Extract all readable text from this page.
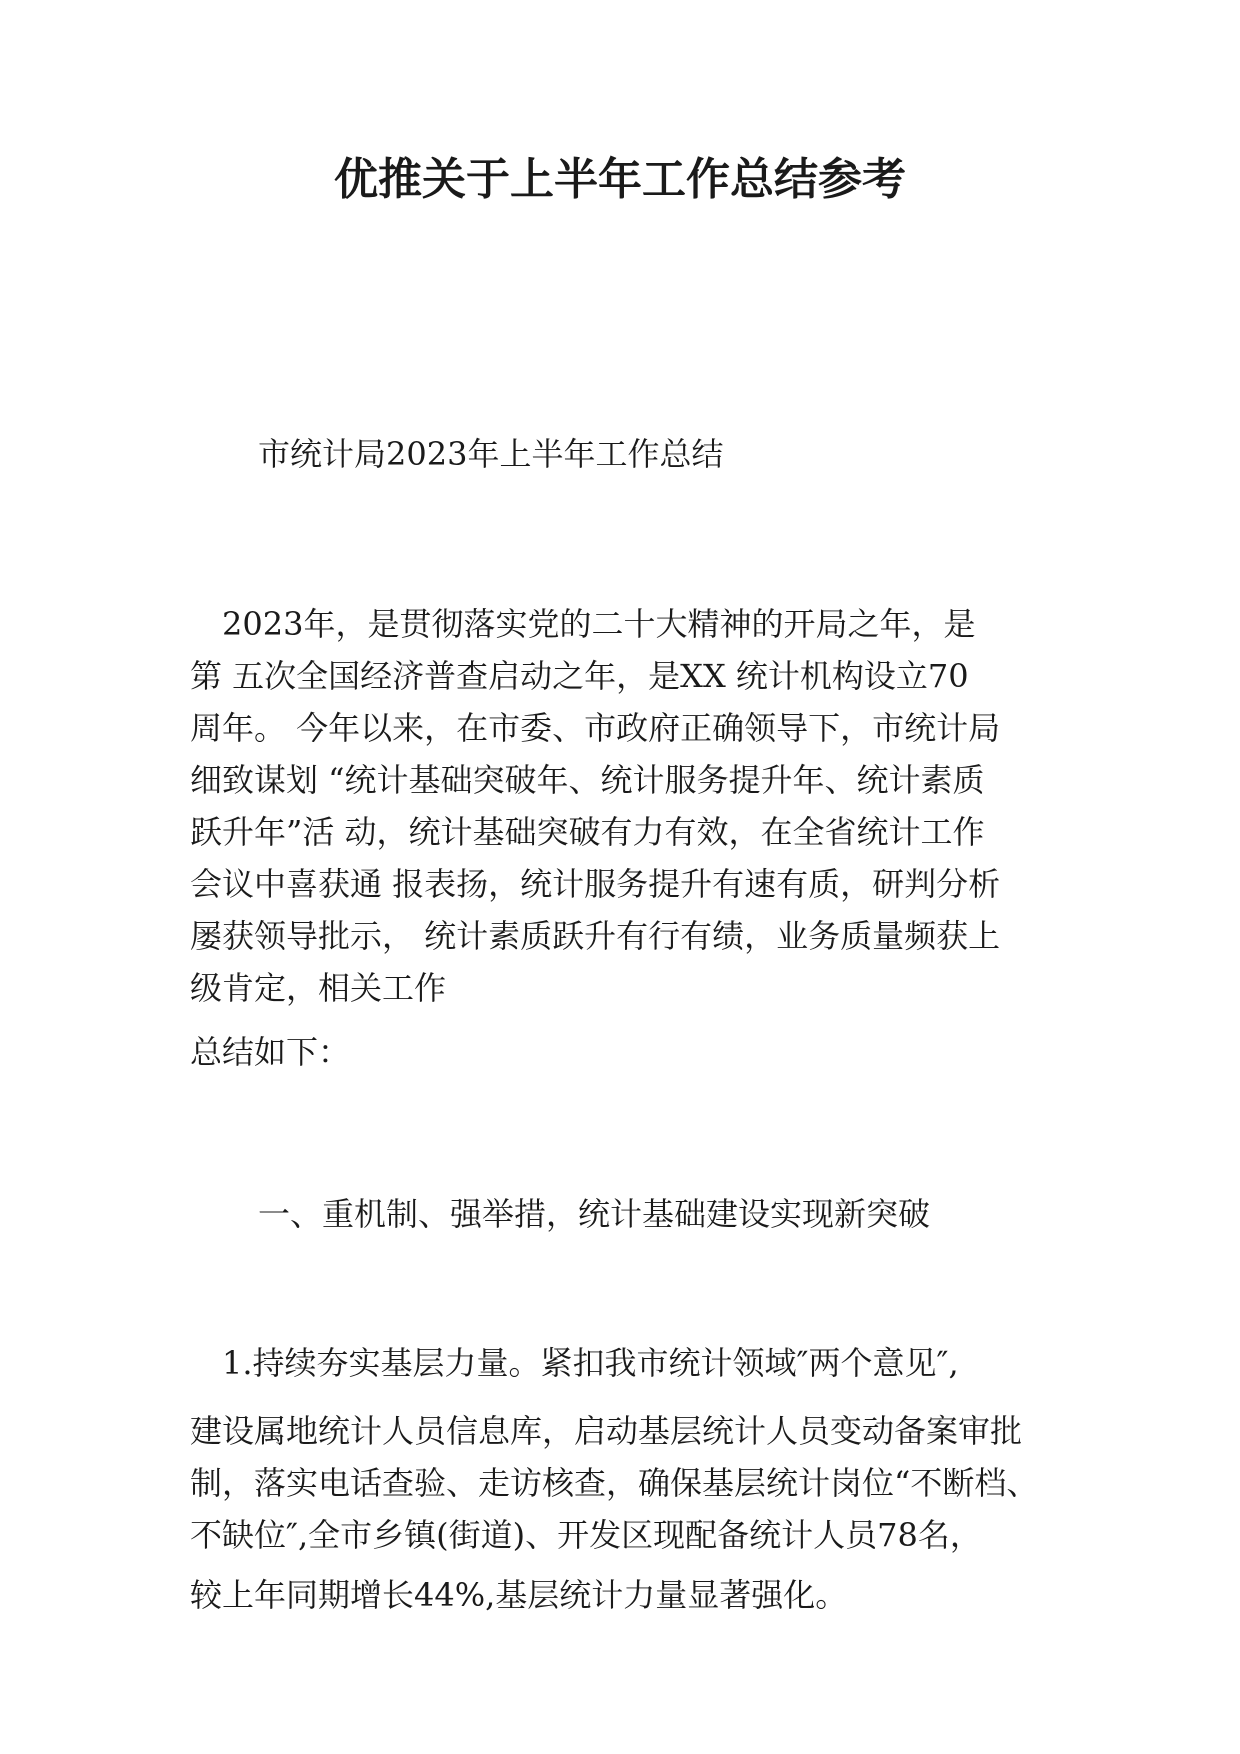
优推关于上半年工作总结参考

市统计局2023年上半年工作总结

　2023年，是贯彻落实党的二十大精神的开局之年，是
第 五次全国经济普查启动之年，是XX 统计机构设立70
周年。 今年以来，在市委、市政府正确领导下，市统计局
细致谋划 “统计基础突破年、统计服务提升年、统计素质
跃升年”活 动，统计基础突破有力有效，在全省统计工作
会议中喜获通 报表扬，统计服务提升有速有质，研判分析
屡获领导批示， 统计素质跃升有行有绩，业务质量频获上
级肯定，相关工作

总结如下：

一、重机制、强举措，统计基础建设实现新突破

　1.持续夯实基层力量。紧扣我市统计领域″两个意见″,
建设属地统计人员信息库，启动基层统计人员变动备案审批
制，落实电话查验、走访核查，确保基层统计岗位“不断档、
不缺位″,全市乡镇(街道)、开发区现配备统计人员78名，
较上年同期增长44%,基层统计力量显著强化。
